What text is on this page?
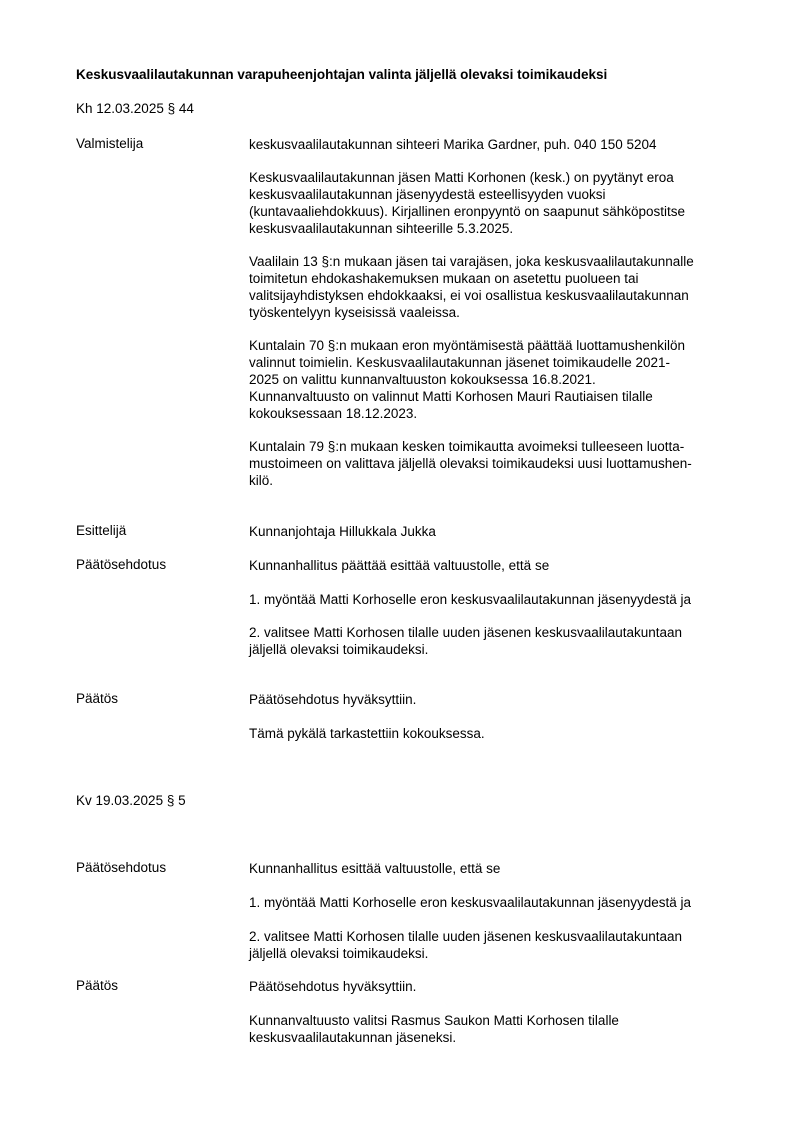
Keskusvaalilautakunnan varapuheenjohtajan valinta jäljellä olevaksi toimikaudeksi
Kh 12.03.2025 § 44
Valmistelija	keskusvaalilautakunnan sihteeri Marika Gardner, puh. 040 150 5204
Keskusvaalilautakunnan jäsen Matti Korhonen (kesk.) on pyytänyt eroa
keskusvaalilautakunnan jäsenyydestä esteellisyyden vuoksi
(kuntavaaliehdokkuus). Kirjallinen eronpyyntö on saapunut sähköpostitse
keskusvaalilautakunnan sihteerille 5.3.2025.
Vaalilain 13 §:n mukaan jäsen tai varajäsen, joka keskusvaalilautakunnalle
toimitetun ehdokashakemuksen mukaan on asetettu puolueen tai
valitsijayhdistyksen ehdokkaaksi, ei voi osallistua keskusvaalilautakunnan
työskentelyyn kyseisissä vaaleissa.
Kuntalain 70 §:n mukaan eron myöntämisestä päättää luottamushenkilön
valinnut toimielin. Keskusvaalilautakunnan jäsenet toimikaudelle 2021-
2025 on valittu kunnanvaltuuston kokouksessa 16.8.2021.
Kunnanvaltuusto on valinnut Matti Korhosen Mauri Rautiaisen tilalle
kokouksessaan 18.12.2023.
Kuntalain 79 §:n mukaan kesken toimikautta avoimeksi tulleeseen luotta-
mustoimeen on valittava jäljellä olevaksi toimikaudeksi uusi luottamushen-
kilö.
Esittelijä	Kunnanjohtaja Hillukkala Jukka
Päätösehdotus	Kunnanhallitus päättää esittää valtuustolle, että se
1. myöntää Matti Korhoselle eron keskusvaalilautakunnan jäsenyydestä ja
2. valitsee Matti Korhosen tilalle uuden jäsenen keskusvaalilautakuntaan
jäljellä olevaksi toimikaudeksi.
Päätös	Päätösehdotus hyväksyttiin.
Tämä pykälä tarkastettiin kokouksessa.
Kv 19.03.2025 § 5
Päätösehdotus	Kunnanhallitus esittää valtuustolle, että se
1. myöntää Matti Korhoselle eron keskusvaalilautakunnan jäsenyydestä ja
2. valitsee Matti Korhosen tilalle uuden jäsenen keskusvaalilautakuntaan
jäljellä olevaksi toimikaudeksi.
Päätös	Päätösehdotus hyväksyttiin.
Kunnanvaltuusto valitsi Rasmus Saukon Matti Korhosen tilalle
keskusvaalilautakunnan jäseneksi.
